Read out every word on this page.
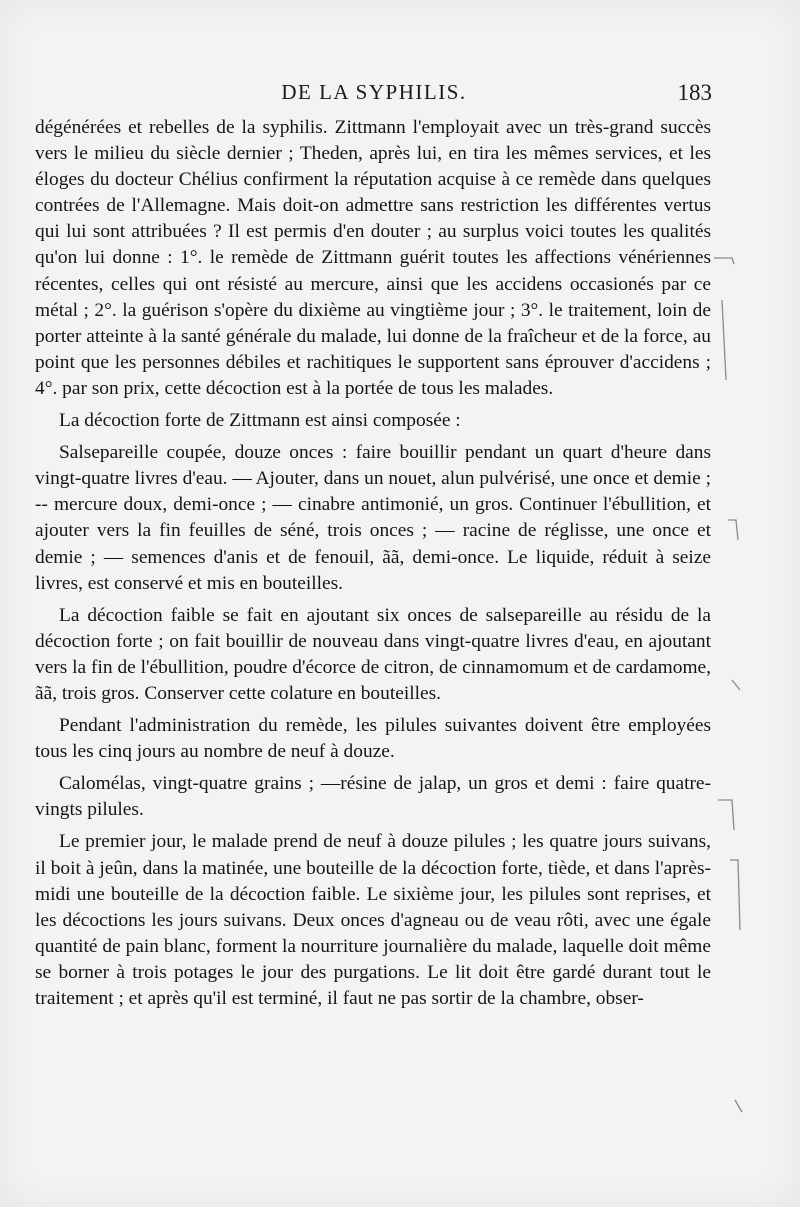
DE LA SYPHILIS.	183

dégénérées et rebelles de la syphilis. Zittmann l'employait avec un très-grand succès vers le milieu du siècle dernier ; Theden, après lui, en tira les mêmes services, et les éloges du docteur Chélius confirment la réputation acquise à ce remède dans quelques contrées de l'Allemagne. Mais doit-on admettre sans restriction les différentes vertus qui lui sont attribuées ? Il est permis d'en douter ; au surplus voici toutes les qualités qu'on lui donne : 1°. le remède de Zittmann guérit toutes les affections vénériennes récentes, celles qui ont résisté au mercure, ainsi que les accidens occasionés par ce métal ; 2°. la guérison s'opère du dixième au vingtième jour ; 3°. le traitement, loin de porter atteinte à la santé générale du malade, lui donne de la fraîcheur et de la force, au point que les personnes débiles et rachitiques le supportent sans éprouver d'accidens ; 4°. par son prix, cette décoction est à la portée de tous les malades.

La décoction forte de Zittmann est ainsi composée :

Salsepareille coupée, douze onces : faire bouillir pendant un quart d'heure dans vingt-quatre livres d'eau. — Ajouter, dans un nouet, alun pulvérisé, une once et demie ; -- mercure doux, demi-once ; — cinabre antimonié, un gros. Continuer l'ébullition, et ajouter vers la fin feuilles de séné, trois onces ; — racine de réglisse, une once et demie ; — semences d'anis et de fenouil, ãã, demi-once. Le liquide, réduit à seize livres, est conservé et mis en bouteilles.

La décoction faible se fait en ajoutant six onces de salsepareille au résidu de la décoction forte ; on fait bouillir de nouveau dans vingt-quatre livres d'eau, en ajoutant vers la fin de l'ébullition, poudre d'écorce de citron, de cinnamomum et de cardamome, ãã, trois gros. Conserver cette colature en bouteilles.

Pendant l'administration du remède, les pilules suivantes doivent être employées tous les cinq jours au nombre de neuf à douze.

Calomélas, vingt-quatre grains ; —résine de jalap, un gros et demi : faire quatre-vingts pilules.

Le premier jour, le malade prend de neuf à douze pilules ; les quatre jours suivans, il boit à jeûn, dans la matinée, une bouteille de la décoction forte, tiède, et dans l'après-midi une bouteille de la décoction faible. Le sixième jour, les pilules sont reprises, et les décoctions les jours suivans. Deux onces d'agneau ou de veau rôti, avec une égale quantité de pain blanc, forment la nourriture journalière du malade, laquelle doit même se borner à trois potages le jour des purgations. Le lit doit être gardé durant tout le traitement ; et après qu'il est terminé, il faut ne pas sortir de la chambre, obser-
